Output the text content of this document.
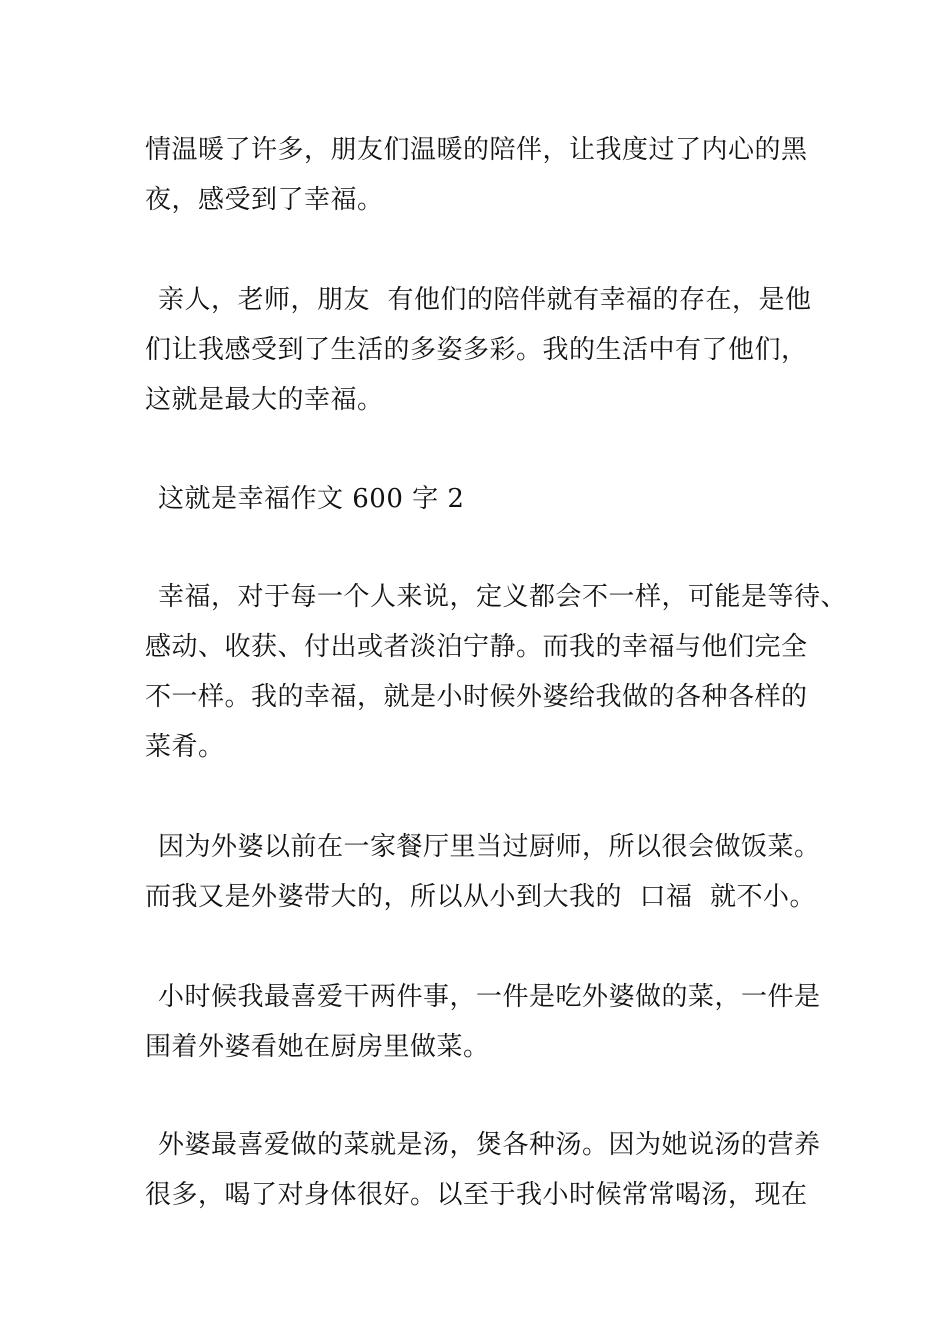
情温暖了许多，朋友们温暖的陪伴，让我度过了内心的黑
夜，感受到了幸福。
亲人，老师，朋友  有他们的陪伴就有幸福的存在，是他
们让我感受到了生活的多姿多彩。我的生活中有了他们，
这就是最大的幸福。
这就是幸福作文 600 字 2
幸福，对于每一个人来说，定义都会不一样，可能是等待、
感动、收获、付出或者淡泊宁静。而我的幸福与他们完全
不一样。我的幸福，就是小时候外婆给我做的各种各样的
菜肴。
因为外婆以前在一家餐厅里当过厨师，所以很会做饭菜。
而我又是外婆带大的，所以从小到大我的  口福  就不小。
小时候我最喜爱干两件事，一件是吃外婆做的菜，一件是
围着外婆看她在厨房里做菜。
外婆最喜爱做的菜就是汤，煲各种汤。因为她说汤的营养
很多，喝了对身体很好。以至于我小时候常常喝汤，现在
